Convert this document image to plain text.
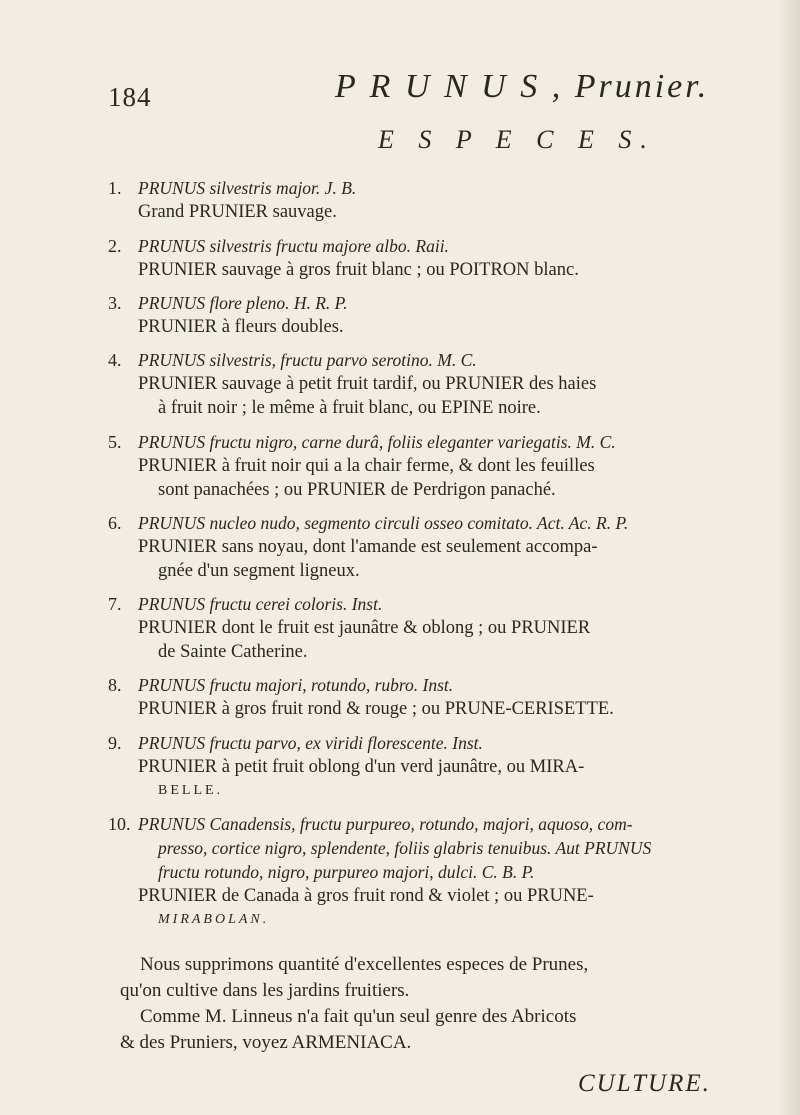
184	P R U N U S , Prunier.
E S P E C E S.
1. PRUNUS silvestris major. J. B.
Grand PRUNIER sauvage.
2. PRUNUS silvestris fructu majore albo. Raii.
PRUNIER sauvage à gros fruit blanc ; ou POITRON blanc.
3. PRUNUS flore pleno. H. R. P.
PRUNIER à fleurs doubles.
4. PRUNUS silvestris, fructu parvo serotino. M. C.
PRUNIER sauvage à petit fruit tardif, ou PRUNIER des haies
à fruit noir ; le même à fruit blanc, ou EPINE noire.
5. PRUNUS fructu nigro, carne durâ, foliis eleganter variegatis. M. C.
PRUNIER à fruit noir qui a la chair ferme, & dont les feuilles
sont panachées ; ou PRUNIER de Perdrigon panaché.
6. PRUNUS nucleo nudo, segmento circuli osseo comitato. Act. Ac. R. P.
PRUNIER sans noyau, dont l'amande est seulement accompa-
gnée d'un segment ligneux.
7. PRUNUS fructu cerei coloris. Inst.
PRUNIER dont le fruit est jaunâtre & oblong ; ou PRUNIER
de Sainte Catherine.
8. PRUNUS fructu majori, rotundo, rubro. Inst.
PRUNIER à gros fruit rond & rouge ; ou PRUNE-CERISETTE.
9. PRUNUS fructu parvo, ex viridi florescente. Inst.
PRUNIER à petit fruit oblong d'un verd jaunâtre, ou MIRA-
BELLE.
10. PRUNUS Canadensis, fructu purpureo, rotundo, majori, aquoso, com-
presso, cortice nigro, splendente, foliis glabris tenuibus. Aut PRUNUS
fructu rotundo, nigro, purpureo majori, dulci. C. B. P.
PRUNIER de Canada à gros fruit rond & violet ; ou PRUNE-
MIRABOLAN.
Nous supprimons quantité d'excellentes especes de Prunes,
qu'on cultive dans les jardins fruitiers.
Comme M. Linneus n'a fait qu'un seul genre des Abricots
& des Pruniers, voyez ARMENIACA.
CULTURE.
